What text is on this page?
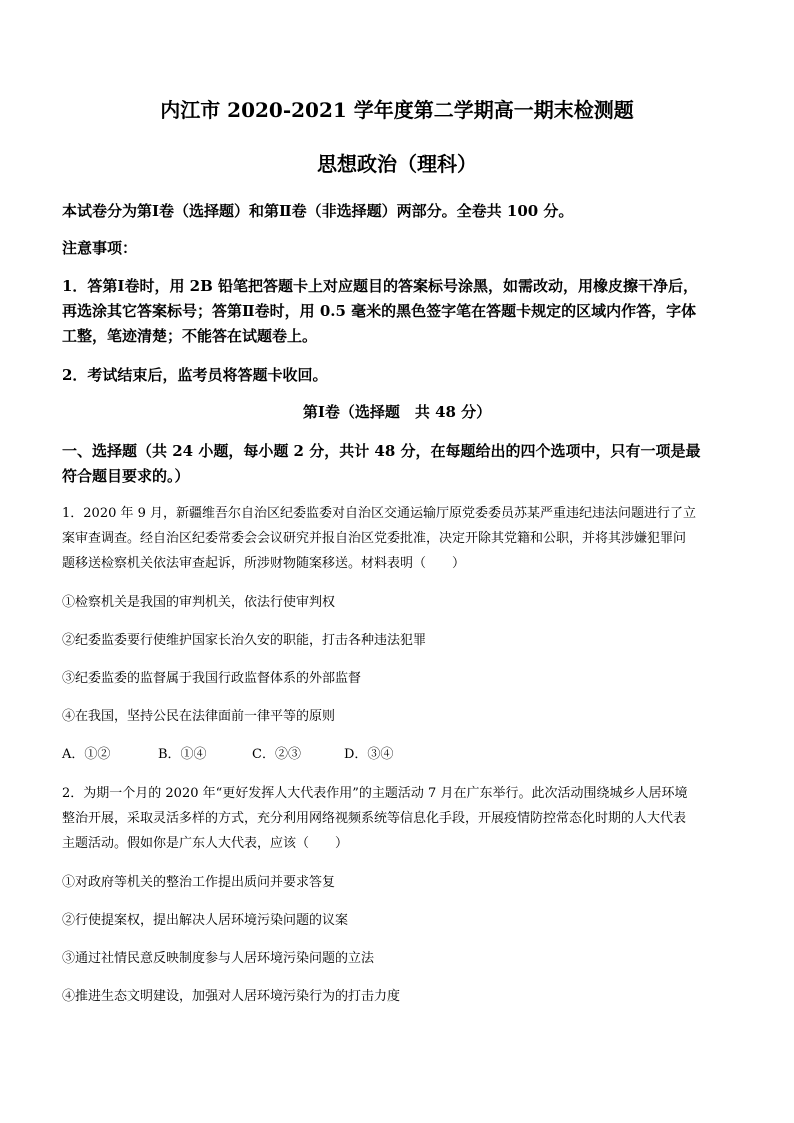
内江市 2020-2021 学年度第二学期高一期末检测题
思想政治（理科）
本试卷分为第Ⅰ卷（选择题）和第Ⅱ卷（非选择题）两部分。全卷共 100 分。
注意事项：
1．答第Ⅰ卷时，用 2B 铅笔把答题卡上对应题目的答案标号涂黑，如需改动，用橡皮擦干净后，
再选涂其它答案标号；答第Ⅱ卷时，用 0.5 毫米的黑色签字笔在答题卡规定的区域内作答，字体
工整，笔迹清楚；不能答在试题卷上。
2．考试结束后，监考员将答题卡收回。
第Ⅰ卷（选择题　共 48 分）
一、选择题（共 24 小题，每小题 2 分，共计 48 分，在每题给出的四个选项中，只有一项是最
符合题目要求的。）
1．2020 年 9 月，新疆维吾尔自治区纪委监委对自治区交通运输厅原党委委员苏某严重违纪违法问题进行了立
案审查调查。经自治区纪委常委会会议研究并报自治区党委批准，决定开除其党籍和公职，并将其涉嫌犯罪问
题移送检察机关依法审查起诉，所涉财物随案移送。材料表明（　　）
①检察机关是我国的审判机关，依法行使审判权
②纪委监委要行使维护国家长治久安的职能，打击各种违法犯罪
③纪委监委的监督属于我国行政监督体系的外部监督
④在我国，坚持公民在法律面前一律平等的原则
A．①②	B．①④	C．②③	D．③④
2．为期一个月的 2020 年“更好发挥人大代表作用”的主题活动 7 月在广东举行。此次活动围绕城乡人居环境
整治开展，采取灵活多样的方式，充分利用网络视频系统等信息化手段，开展疫情防控常态化时期的人大代表
主题活动。假如你是广东人大代表，应该（　　）
①对政府等机关的整治工作提出质问并要求答复
②行使提案权，提出解决人居环境污染问题的议案
③通过社情民意反映制度参与人居环境污染问题的立法
④推进生态文明建设，加强对人居环境污染行为的打击力度
